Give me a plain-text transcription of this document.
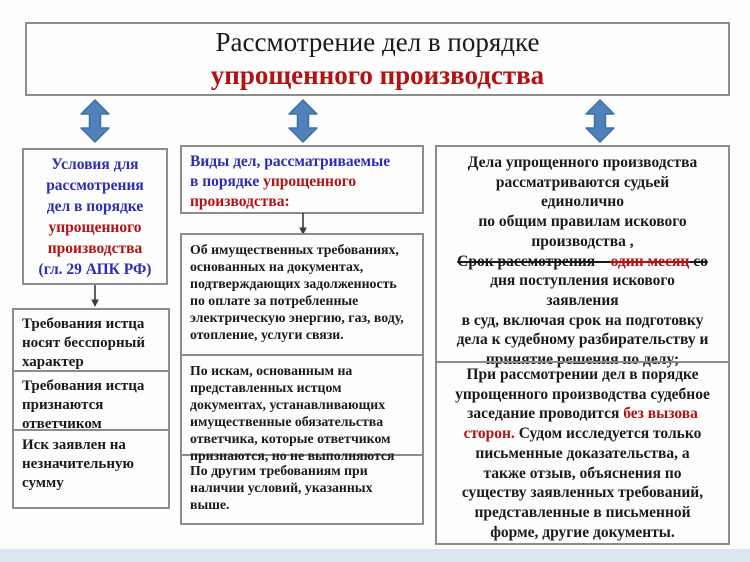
Рассмотрение дел в порядке
упрощенного производства
Условия для
рассмотрения
дел в порядке
упрощенного
производства
(гл. 29 АПК РФ)
Требования истца носят бесспорный характер
Требования истца признаются ответчиком
Иск заявлен на незначительную сумму
Виды дел, рассматриваемые
в порядке упрощенного
производства:
Об имущественных требованиях, основанных на документах, подтверждающих задолженность по оплате за потребленные электрическую энергию, газ, воду, отопление, услуги связи.
По искам, основанным на представленных истцом документах, устанавливающих имущественные обязательства ответчика, которые ответчиком признаются, но не выполняются
По другим требованиям при наличии условий, указанных выше.
Дела упрощенного производства
рассматриваются судьей
единолично
по общим правилам искового
производства ,
Срок рассмотрения – один месяц со
дня поступления искового
заявления
в суд, включая срок на подготовку
дела к судебному разбирательству и
принятие решения по делу;
При рассмотрении дел в порядке
упрощенного производства судебное
заседание проводится без вызова
сторон. Судом исследуется только
письменные доказательства, а
также отзыв, объяснения по
существу заявленных требований,
представленные в письменной
форме, другие документы.
